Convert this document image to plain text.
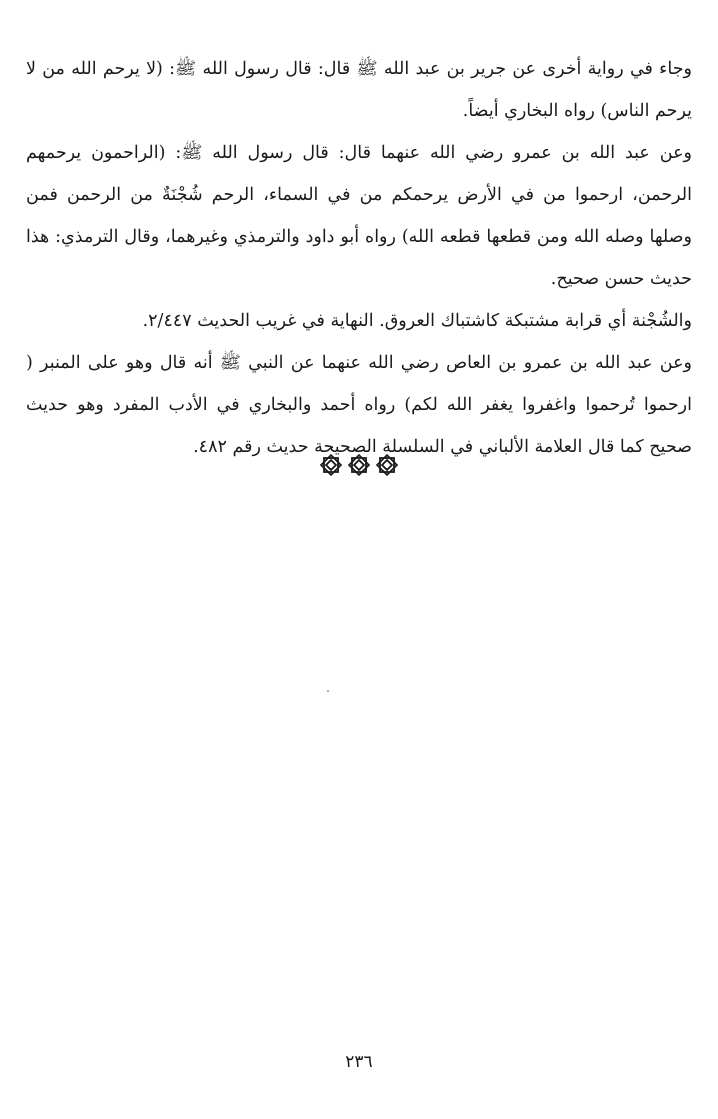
وجاء في رواية أخرى عن جرير بن عبد الله ﷺ قال: قال رسول الله ﷺ: (لا يرحم الله من لا يرحم الناس) رواه البخاري أيضاً.

وعن عبد الله بن عمرو رضي الله عنهما قال: قال رسول الله ﷺ: (الراحمون يرحمهم الرحمن، ارحموا من في الأرض يرحمكم من في السماء، الرحم شُجْنَةٌ من الرحمن فمن وصلها وصله الله ومن قطعها قطعه الله) رواه أبو داود والترمذي وغيرهما، وقال الترمذي: هذا حديث حسن صحيح.

والشُجْنة أي قرابة مشتبكة كاشتباك العروق. النهاية في غريب الحديث ٢/٤٤٧.

وعن عبد الله بن عمرو بن العاص رضي الله عنهما عن النبي ﷺ أنه قال وهو على المنبر ( ارحموا تُرحموا واغفروا يغفر الله لكم) رواه أحمد والبخاري في الأدب المفرد وهو حديث صحيح كما قال العلامة الألباني في السلسلة الصحيحة حديث رقم ٤٨٢.

٢٣٦
